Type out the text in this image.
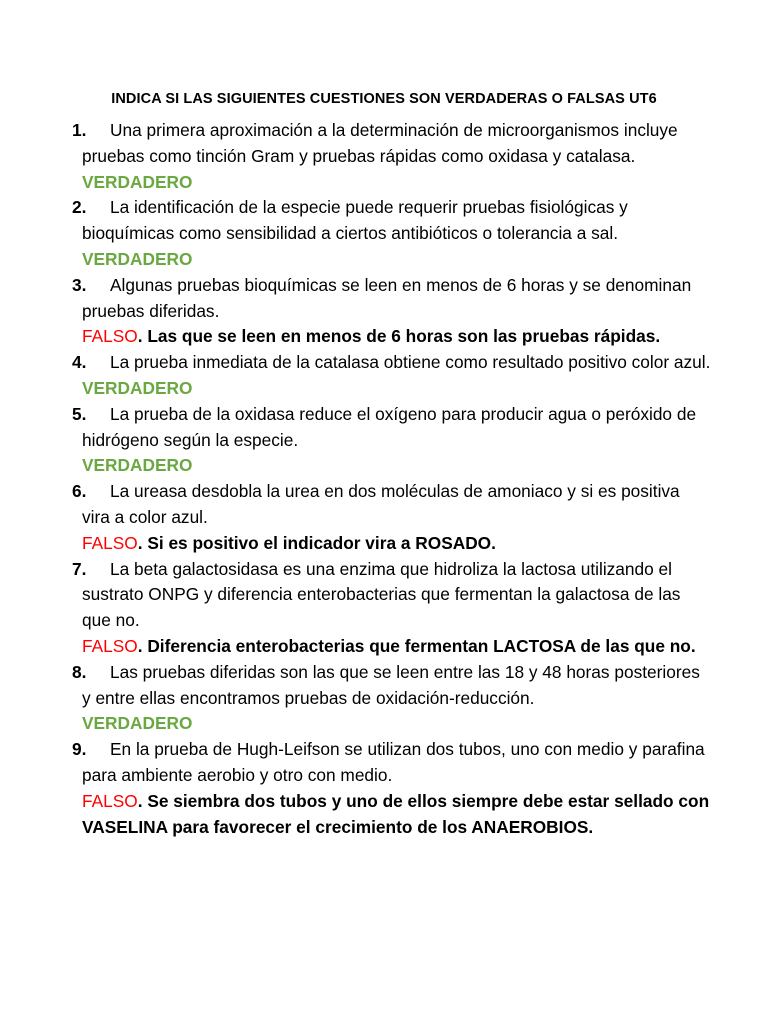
INDICA SI LAS SIGUIENTES CUESTIONES SON VERDADERAS O FALSAS UT6
1. Una primera aproximación a la determinación de microorganismos incluye pruebas como tinción Gram y pruebas rápidas como oxidasa y catalasa.
VERDADERO
2. La identificación de la especie puede requerir pruebas fisiológicas y bioquímicas como sensibilidad a ciertos antibióticos o tolerancia a sal.
VERDADERO
3. Algunas pruebas bioquímicas se leen en menos de 6 horas y se denominan pruebas diferidas.
FALSO. Las que se leen en menos de 6 horas son las pruebas rápidas.
4. La prueba inmediata de la catalasa obtiene como resultado positivo color azul.
VERDADERO
5. La prueba de la oxidasa reduce el oxígeno para producir agua o peróxido de hidrógeno según la especie.
VERDADERO
6. La ureasa desdobla la urea en dos moléculas de amoniaco y si es positiva vira a color azul.
FALSO. Si es positivo el indicador vira a ROSADO.
7. La beta galactosidasa es una enzima que hidroliza la lactosa utilizando el sustrato ONPG y diferencia enterobacterias que fermentan la galactosa de las que no.
FALSO. Diferencia enterobacterias que fermentan LACTOSA de las que no.
8. Las pruebas diferidas son las que se leen entre las 18 y 48 horas posteriores y entre ellas encontramos pruebas de oxidación-reducción.
VERDADERO
9. En la prueba de Hugh-Leifson se utilizan dos tubos, uno con medio y parafina para ambiente aerobio y otro con medio.
FALSO. Se siembra dos tubos y uno de ellos siempre debe estar sellado con VASELINA para favorecer el crecimiento de los ANAEROBIOS.
